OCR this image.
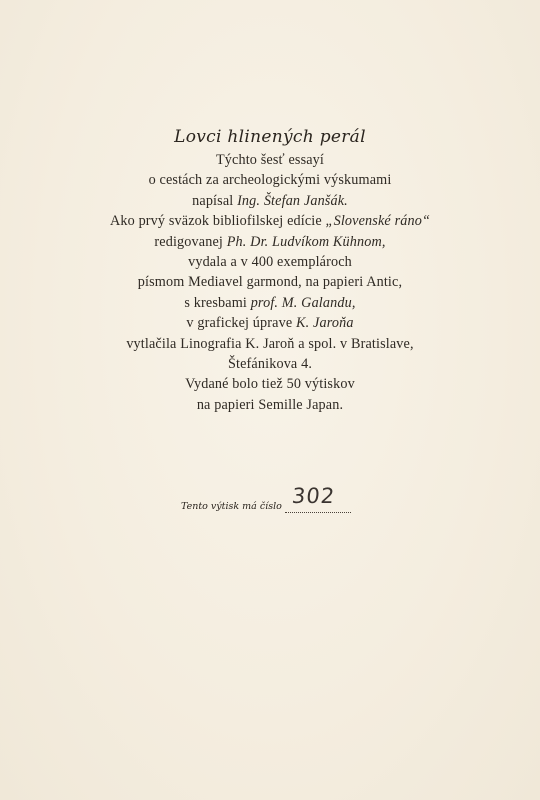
Lovci hlinených perál
Týchto šesť essayí
o cestách za archeologickými výskumami
napísal Ing. Štefan Janšák.
Ako prvý sväzok bibliofilskej edície „Slovenské ráno“
redigovanej Ph. Dr. Ludvíkom Kühnom,
vydala a v 400 exemplároch
písmom Mediavel garmond, na papieri Antic,
s kresbami prof. M. Galandu,
v grafickej úprave K. Jaroňa
vytlačila Linografia K. Jaroň a spol. v Bratislave,
Štefánikova 4.
Vydané bolo tiež 50 výtiskov
na papieri Semille Japan.
Tento výtisk má číslo 302
